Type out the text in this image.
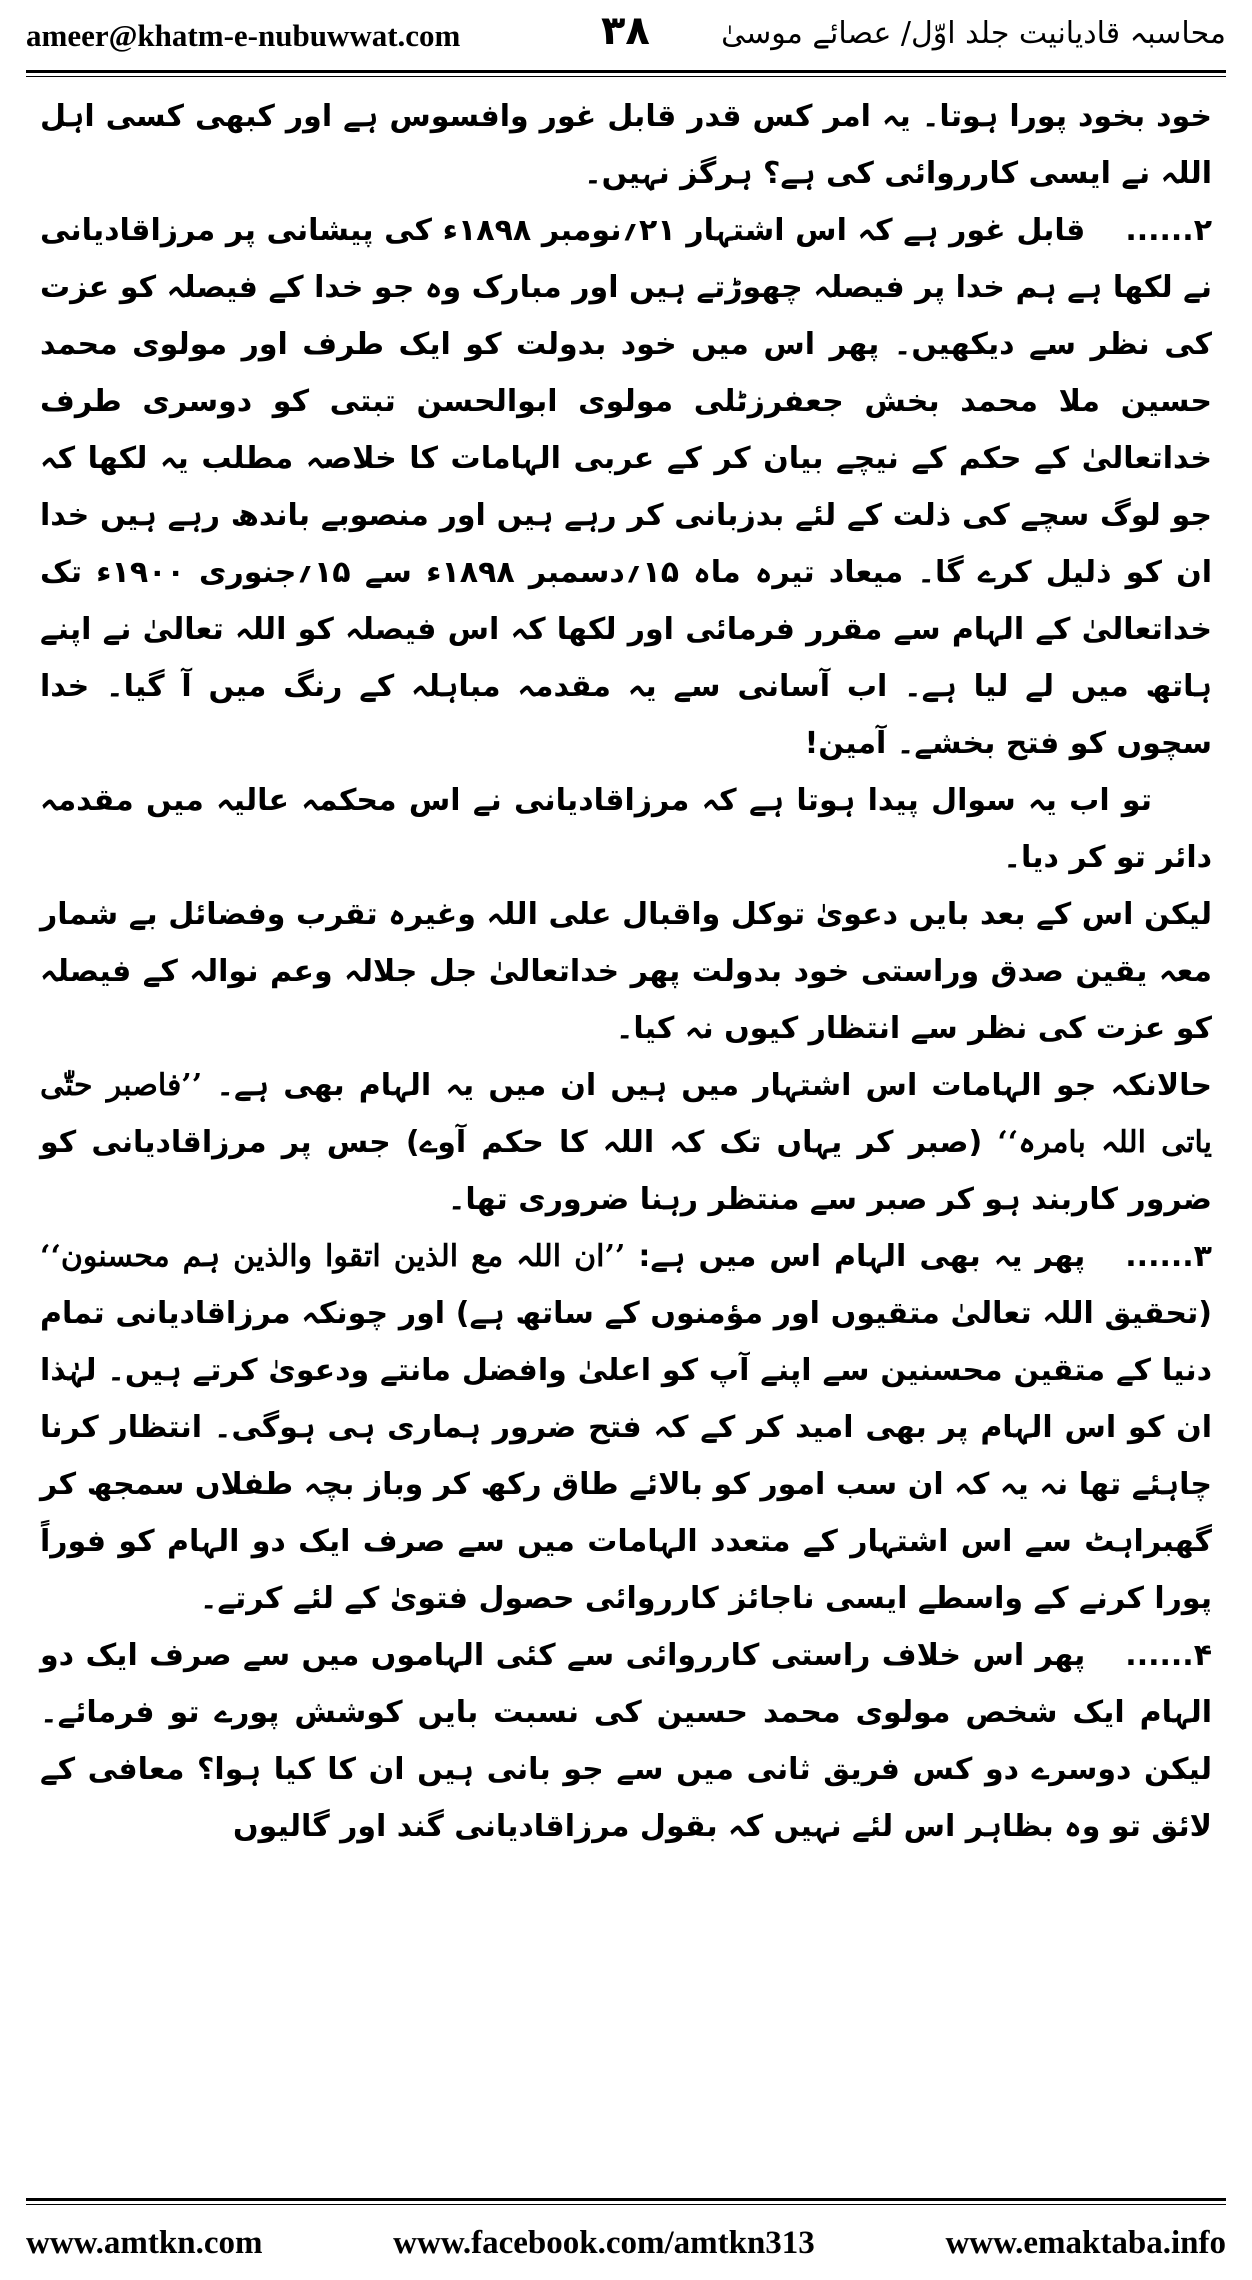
ameer@khatm-e-nubuwwat.com	۳۸ محاسبہ قادیانیت جلد اوّل/ عصائے موسیٰ

خود بخود پورا ہوتا۔ یہ امر کس قدر قابل غور وافسوس ہے اور کبھی کسی اہل اللہ نے ایسی کارروائی کی ہے؟ ہرگز نہیں۔

۲......قابل غور ہے کہ اس اشتہار ۲۱؍نومبر ۱۸۹۸ء کی پیشانی پر مرزاقادیانی نے لکھا ہے ہم خدا پر فیصلہ چھوڑتے ہیں اور مبارک وہ جو خدا کے فیصلہ کو عزت کی نظر سے دیکھیں۔ پھر اس میں خود بدولت کو ایک طرف اور مولوی محمد حسین ملا محمد بخش جعفرزٹلی مولوی ابوالحسن تبتی کو دوسری طرف خداتعالیٰ کے حکم کے نیچے بیان کر کے عربی الہامات کا خلاصہ مطلب یہ لکھا کہ جو لوگ سچے کی ذلت کے لئے بدزبانی کر رہے ہیں اور منصوبے باندھ رہے ہیں خدا ان کو ذلیل کرے گا۔ میعاد تیرہ ماہ ۱۵؍دسمبر ۱۸۹۸ء سے ۱۵؍جنوری ۱۹۰۰ء تک خداتعالیٰ کے الہام سے مقرر فرمائی اور لکھا کہ اس فیصلہ کو اللہ تعالیٰ نے اپنے ہاتھ میں لے لیا ہے۔ اب آسانی سے یہ مقدمہ مباہلہ کے رنگ میں آ گیا۔ خدا سچوں کو فتح بخشے۔ آمین!

تو اب یہ سوال پیدا ہوتا ہے کہ مرزاقادیانی نے اس محکمہ عالیہ میں مقدمہ دائر تو کر دیا۔

لیکن اس کے بعد بایں دعویٰ توکل واقبال علی اللہ وغیرہ تقرب وفضائل بے شمار معہ یقین صدق وراستی خود بدولت پھر خداتعالیٰ جل جلالہ وعم نوالہ کے فیصلہ کو عزت کی نظر سے انتظار کیوں نہ کیا۔

حالانکہ جو الہامات اس اشتہار میں ہیں ان میں یہ الہام بھی ہے۔ ’’فاصبر حتّٰی یاتی اللہ بامرہ‘‘ (صبر کر یہاں تک کہ اللہ کا حکم آوے) جس پر مرزاقادیانی کو ضرور کاربند ہو کر صبر سے منتظر رہنا ضروری تھا۔

۳......پھر یہ بھی الہام اس میں ہے: ’’ان اللہ مع الذین اتقوا والذین ہم محسنون‘‘ (تحقیق اللہ تعالیٰ متقیوں اور مؤمنوں کے ساتھ ہے) اور چونکہ مرزاقادیانی تمام دنیا کے متقین محسنین سے اپنے آپ کو اعلیٰ وافضل مانتے ودعویٰ کرتے ہیں۔ لہٰذا ان کو اس الہام پر بھی امید کر کے کہ فتح ضرور ہماری ہی ہوگی۔ انتظار کرنا چاہئے تھا نہ یہ کہ ان سب امور کو بالائے طاق رکھ کر وباز بچہ طفلاں سمجھ کر گھبراہٹ سے اس اشتہار کے متعدد الہامات میں سے صرف ایک دو الہام کو فوراً پورا کرنے کے واسطے ایسی ناجائز کارروائی حصول فتویٰ کے لئے کرتے۔

۴......پھر اس خلاف راستی کارروائی سے کئی الہاموں میں سے صرف ایک دو الہام ایک شخص مولوی محمد حسین کی نسبت بایں کوشش پورے تو فرمائے۔ لیکن دوسرے دو کس فریق ثانی میں سے جو بانی ہیں ان کا کیا ہوا؟ معافی کے لائق تو وہ بظاہر اس لئے نہیں کہ بقول مرزاقادیانی گند اور گالیوں

www.amtkn.com	www.facebook.com/amtkn313	www.emaktaba.info
